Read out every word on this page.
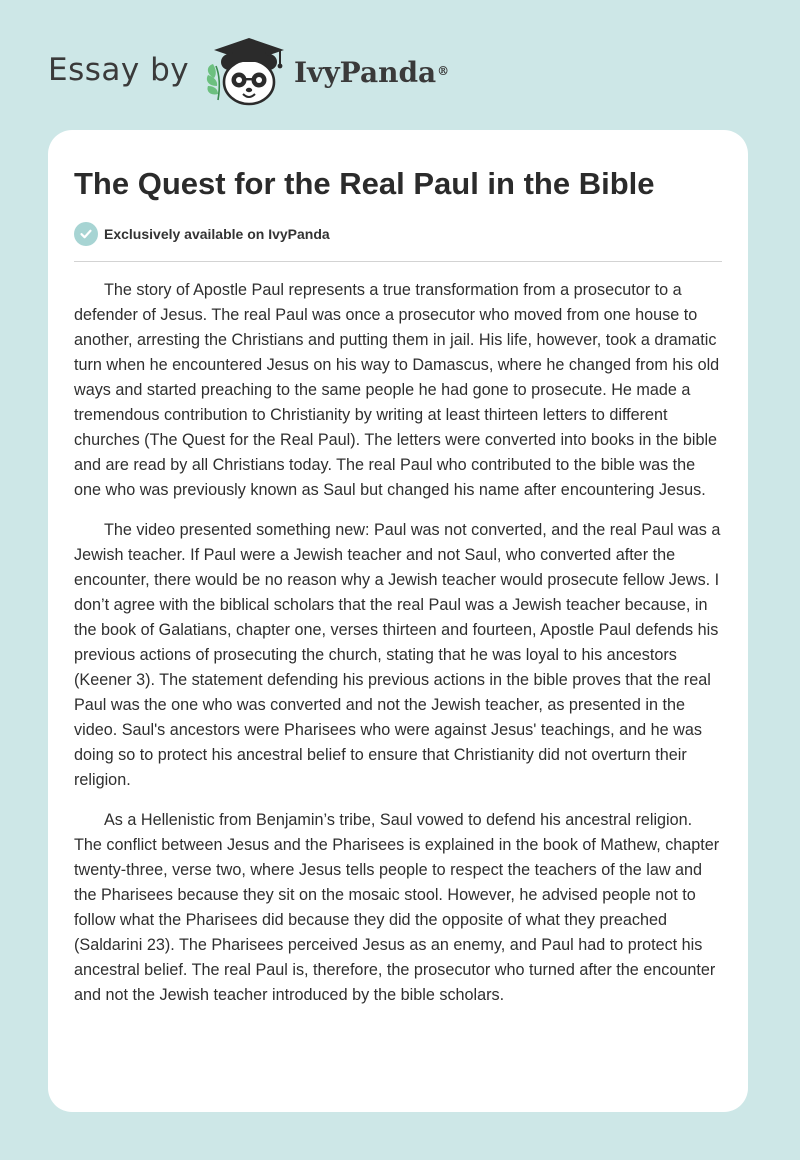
Essay by	IvyPanda®
The Quest for the Real Paul in the Bible
Exclusively available on IvyPanda

The story of Apostle Paul represents a true transformation from a prosecutor to a defender of Jesus. The real Paul was once a prosecutor who moved from one house to another, arresting the Christians and putting them in jail. His life, however, took a dramatic turn when he encountered Jesus on his way to Damascus, where he changed from his old ways and started preaching to the same people he had gone to prosecute. He made a tremendous contribution to Christianity by writing at least thirteen letters to different churches (The Quest for the Real Paul). The letters were converted into books in the bible and are read by all Christians today. The real Paul who contributed to the bible was the one who was previously known as Saul but changed his name after encountering Jesus.

The video presented something new: Paul was not converted, and the real Paul was a Jewish teacher. If Paul were a Jewish teacher and not Saul, who converted after the encounter, there would be no reason why a Jewish teacher would prosecute fellow Jews. I don’t agree with the biblical scholars that the real Paul was a Jewish teacher because, in the book of Galatians, chapter one, verses thirteen and fourteen, Apostle Paul defends his previous actions of prosecuting the church, stating that he was loyal to his ancestors (Keener 3). The statement defending his previous actions in the bible proves that the real Paul was the one who was converted and not the Jewish teacher, as presented in the video. Saul's ancestors were Pharisees who were against Jesus' teachings, and he was doing so to protect his ancestral belief to ensure that Christianity did not overturn their religion.

As a Hellenistic from Benjamin’s tribe, Saul vowed to defend his ancestral religion. The conflict between Jesus and the Pharisees is explained in the book of Mathew, chapter twenty-three, verse two, where Jesus tells people to respect the teachers of the law and the Pharisees because they sit on the mosaic stool. However, he advised people not to follow what the Pharisees did because they did the opposite of what they preached (Saldarini 23). The Pharisees perceived Jesus as an enemy, and Paul had to protect his ancestral belief. The real Paul is, therefore, the prosecutor who turned after the encounter and not the Jewish teacher introduced by the bible scholars.
